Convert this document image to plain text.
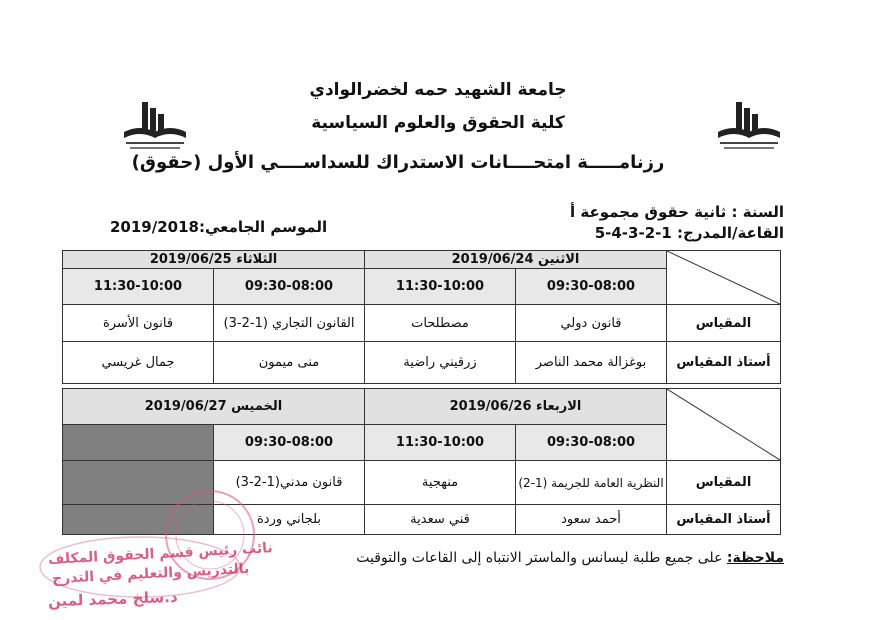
جامعة الشهيد حمه لخضرالوادي
كلية الحقوق والعلوم السياسية
رزنامـــــة امتحــــانات الاستدراك للسداســــي الأول (حقوق)
السنة : ثانية حقوق مجموعة أ
القاعة/المدرج: 1-2-3-4-5
الموسم الجامعي:2019/2018
	الاثنين 2019/06/24		الثلاثاء 2019/06/25	
	09:30-08:00	11:30-10:00	09:30-08:00	11:30-10:00
المقياس	قانون دولي	مصطلحات	القانون التجاري (1-2-3)	قانون الأسرة
أستاذ المقياس	بوغزالة محمد الناصر	زرقيني راضية	منى ميمون	جمال غريسي
	الاربعاء 2019/06/26		الخميس 2019/06/27	
	09:30-08:00	11:30-10:00	09:30-08:00	
المقياس	النظرية العامة للجريمة (1-2)	منهجية	قانون مدني(1-2-3)	
أستاذ المقياس	أحمد سعود	قني سعدية	بلجاني وردة	
ملاحظة: على جميع طلبة ليسانس والماستر الانتباه إلى القاعات والتوقيت
نائب رئيس قسم الحقوق المكلف
بالتدريس والتعليم في التدرج
د.سلخ محمد لمين
